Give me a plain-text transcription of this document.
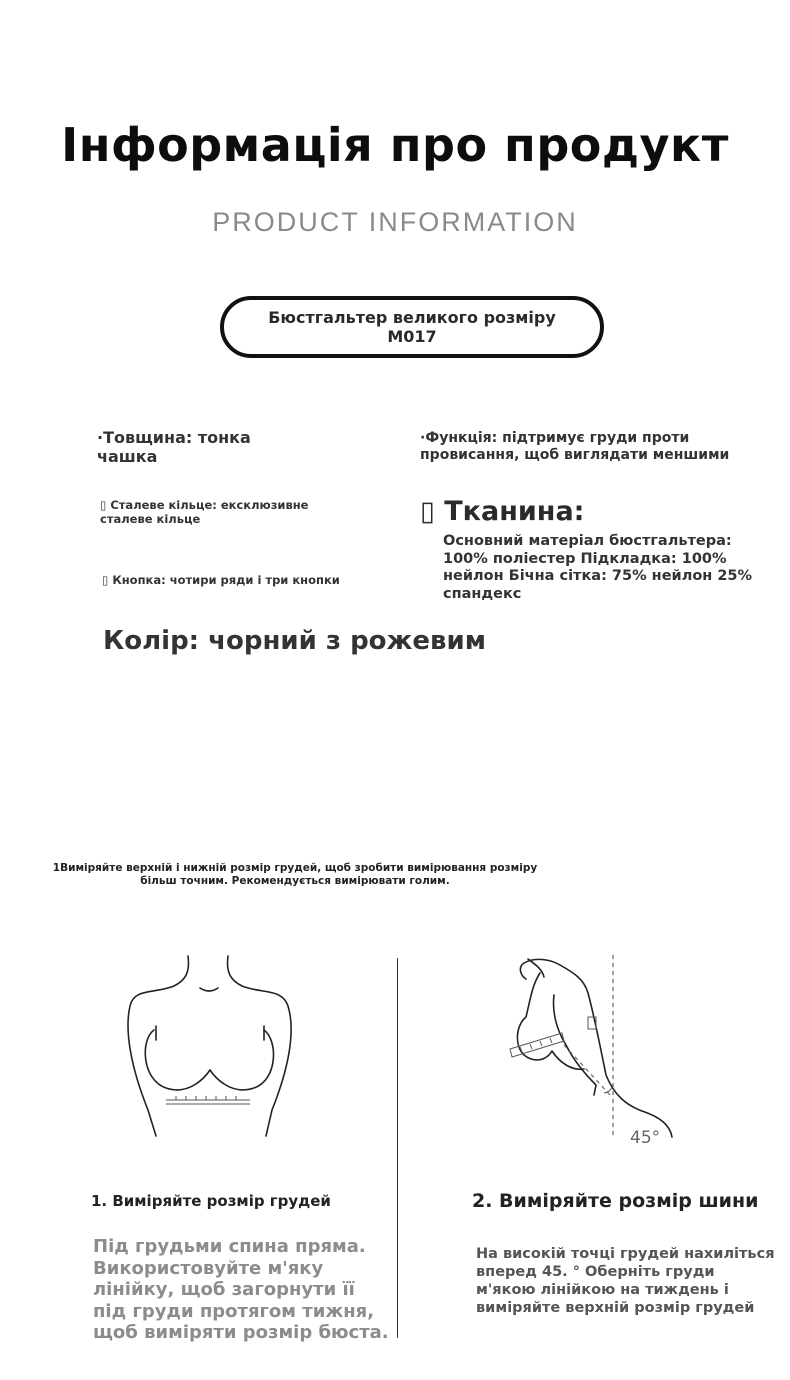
Інформація про продукт
PRODUCT INFORMATION
Бюстгальтер великого розміру
M017
·Товщина: тонка чашка
·Функція: підтримує груди проти провисання, щоб виглядати меншими
▯ Сталеве кільце: ексклюзивне сталеве кільце
▯ Кнопка: чотири ряди і три кнопки
▯ Тканина:
Основний матеріал бюстгальтера: 100% поліестер Підкладка: 100% нейлон Бічна сітка: 75% нейлон 25% спандекс
Колір: чорний з рожевим
1Виміряйте верхній і нижній розмір грудей, щоб зробити вимірювання розміру більш точним. Рекомендується вимірювати голим.
45°
1. Виміряйте розмір грудей
Під грудьми спина пряма. Використовуйте м'яку лінійку, щоб загорнути її під груди протягом тижня, щоб виміряти розмір бюста.
2. Виміряйте розмір шини
На високій точці грудей нахиліться вперед 45. ° Оберніть груди м'якою лінійкою на тиждень і виміряйте верхній розмір грудей
